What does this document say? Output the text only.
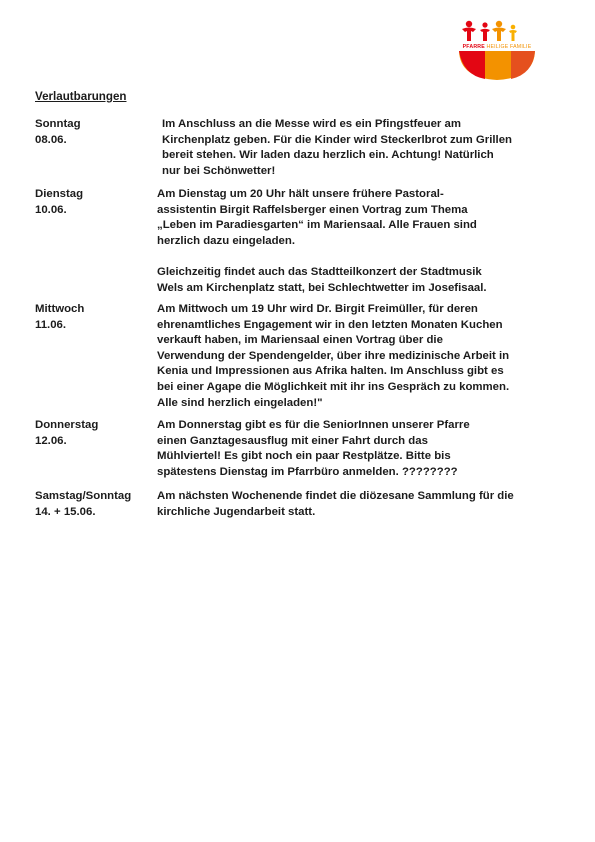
PFARRE HEILIGE FAMILIE
Verlautbarungen
Sonntag
08.06.

Im Anschluss an die Messe wird es ein Pfingstfeuer am
Kirchenplatz geben. Für die Kinder wird Steckerlbrot zum Grillen
bereit stehen. Wir laden dazu herzlich ein. Achtung! Natürlich
nur bei Schönwetter!

Dienstag
10.06.

Am Dienstag um 20 Uhr hält unsere frühere Pastoral-
assistentin Birgit Raffelsberger einen Vortrag zum Thema
„Leben im Paradiesgarten“ im Mariensaal. Alle Frauen sind
herzlich dazu eingeladen.

Gleichzeitig findet auch das Stadtteilkonzert der Stadtmusik
Wels am Kirchenplatz statt, bei Schlechtwetter im Josefisaal.

Mittwoch
11.06.

Am Mittwoch um 19 Uhr wird Dr. Birgit Freimüller, für deren
ehrenamtliches Engagement wir in den letzten Monaten Kuchen
verkauft haben, im Mariensaal einen Vortrag über die
Verwendung der Spendengelder, über ihre medizinische Arbeit in
Kenia und Impressionen aus Afrika halten. Im Anschluss gibt es
bei einer Agape die Möglichkeit mit ihr ins Gespräch zu kommen.
Alle sind herzlich eingeladen!"

Donnerstag
12.06.

Am Donnerstag gibt es für die SeniorInnen unserer Pfarre
einen Ganztagesausflug mit einer Fahrt durch das
Mühlviertel! Es gibt noch ein paar Restplätze. Bitte bis
spätestens Dienstag im Pfarrbüro anmelden. ????????

Samstag/Sonntag
14. + 15.06.

Am nächsten Wochenende findet die diözesane Sammlung für die
kirchliche Jugendarbeit statt.
